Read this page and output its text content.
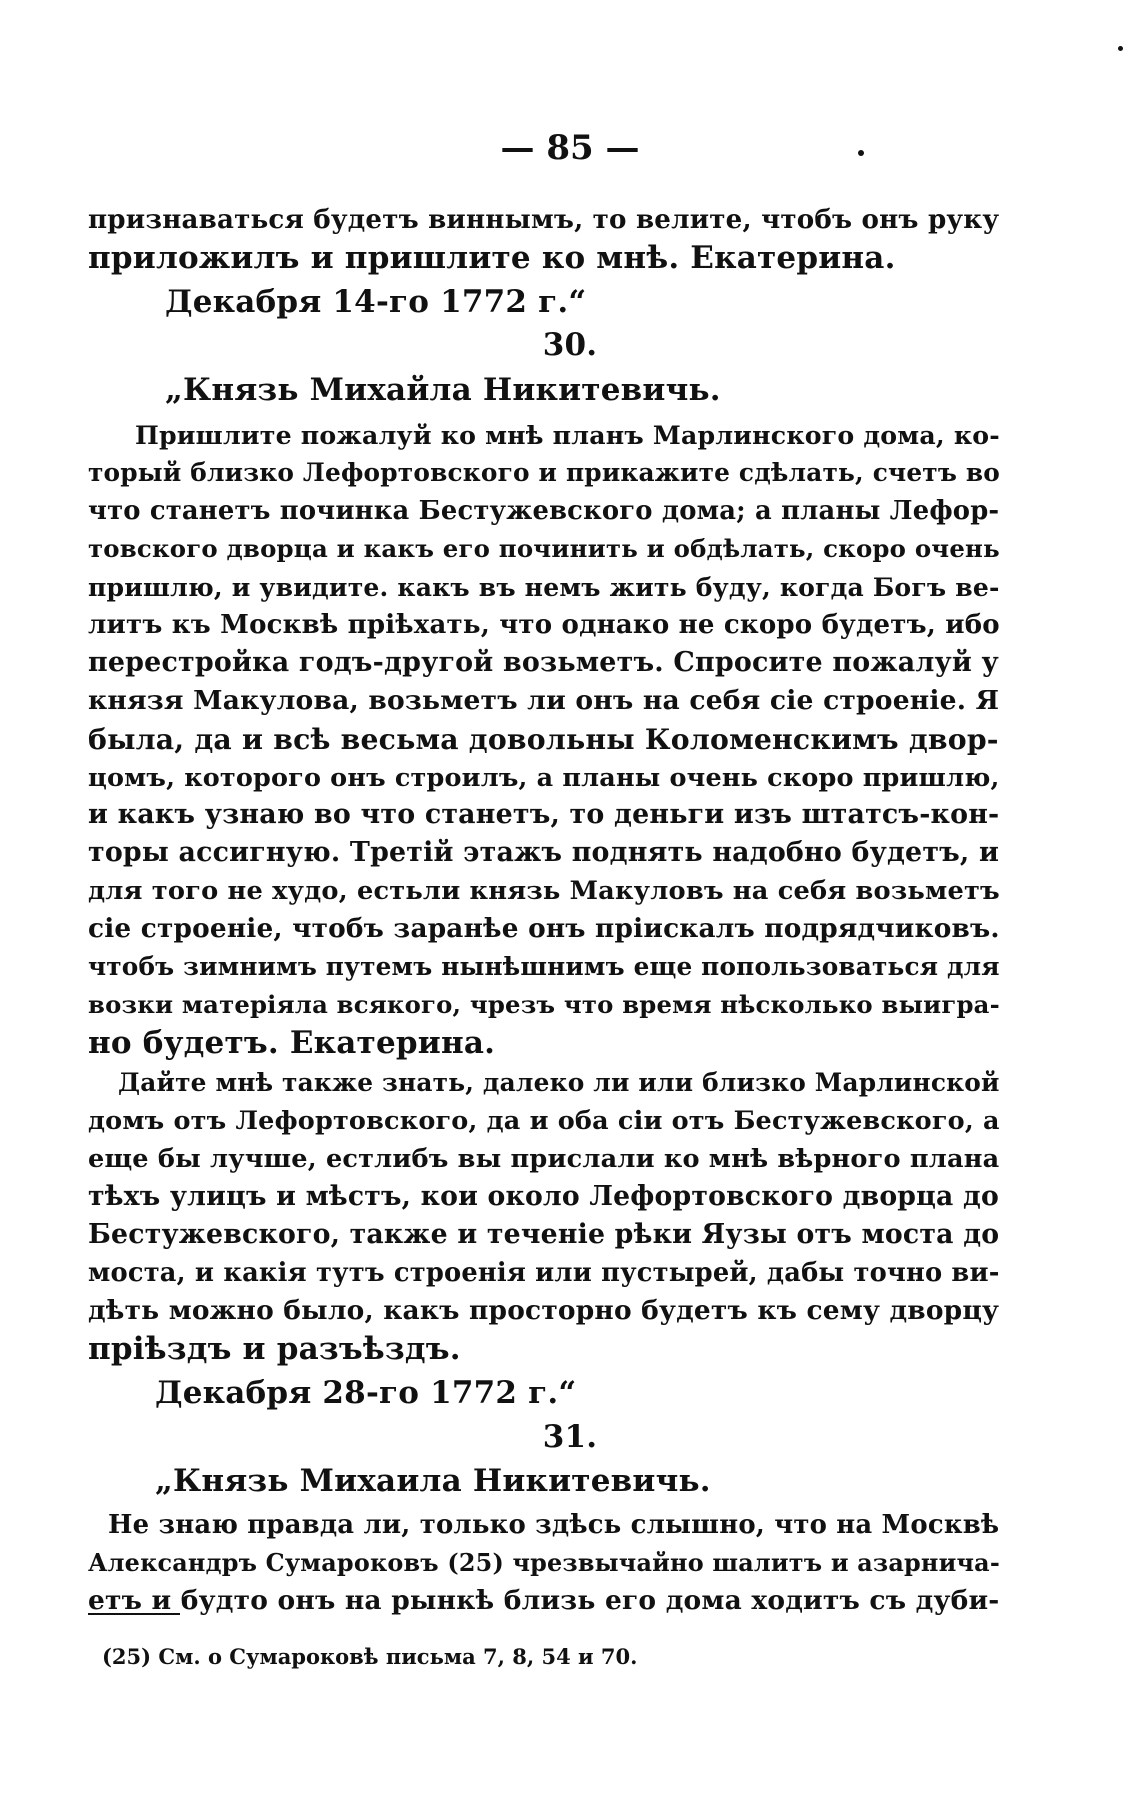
— 85 —
признаваться будетъ виннымъ, то велите, чтобъ онъ руку
приложилъ и пришлите ко мнѣ. Екатерина.
Декабря 14-го 1772 г.“
30.
„Князь Михайла Никитевичь.
Пришлите пожалуй ко мнѣ планъ Марлинского дома, ко-
торый близко Лефортовского и прикажите сдѣлать, счетъ во
что станетъ починка Бестужевского дома; а планы Лефор-
товского дворца и какъ его починить и обдѣлать, скоро очень
пришлю, и увидите. какъ въ немъ жить буду, когда Богъ ве-
литъ къ Москвѣ пріѣхать, что однако не скоро будетъ, ибо
перестройка годъ-другой возьметъ. Спросите пожалуй у
князя Макулова, возьметъ ли онъ на себя сіе строеніе. Я
была, да и всѣ весьма довольны Коломенскимъ двор-
цомъ, которого онъ строилъ, а планы очень скоро пришлю,
и какъ узнаю во что станетъ, то деньги изъ штатсъ-кон-
торы ассигную. Третій этажъ поднять надобно будетъ, и
для того не худо, естьли князь Макуловъ на себя возьметъ
сіе строеніе, чтобъ заранѣе онъ пріискалъ подрядчиковъ.
чтобъ зимнимъ путемъ нынѣшнимъ еще попользоваться для
возки матеріяла всякого, чрезъ что время нѣсколько выигра-
но будетъ. Екатерина.
Дайте мнѣ также знать, далеко ли или близко Марлинской
домъ отъ Лефортовского, да и оба сіи отъ Бестужевского, а
еще бы лучше, естлибъ вы прислали ко мнѣ вѣрного плана
тѣхъ улицъ и мѣстъ, кои около Лефортовского дворца до
Бестужевского, также и теченіе рѣки Яузы отъ моста до
моста, и какія тутъ строенія или пустырей, дабы точно ви-
дѣть можно было, какъ просторно будетъ къ сему дворцу
пріѣздъ и разъѣздъ.
Декабря 28-го 1772 г.“
31.
„Князь Михаила Никитевичь.
Не знаю правда ли, только здѣсь слышно, что на Москвѣ
Александръ Сумароковъ (25) чрезвычайно шалитъ и азарнича-
етъ и будто онъ на рынкѣ близь его дома ходитъ съ дуби-
(25) См. о Сумароковѣ письма 7, 8, 54 и 70.
